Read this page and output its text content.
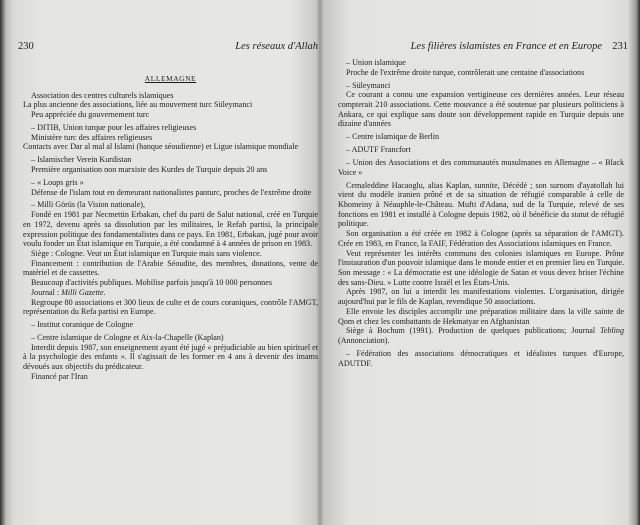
230	Les réseaux d'Allah
ALLEMAGNE

Association des centres culturels islamiques

La plus ancienne des associations, liée au mouvement turc Süleymanci

Peu appréciée du gouvernement turc

– DITIB, Union turque pour les affaires religieuses

Ministère turc des affaires religieuses

Contacts avec Dar al mal al Islami (banque séoudienne) et Ligue islamique mondiale

– Islamischer Verein Kurdistan

Première organisation non marxiste des Kurdes de Turquie depuis 20 ans

– « Loups gris »

Défense de l'islam tout en demeurant nationalistes panturc, proches de l'extrême droite

– Milli Görüs (la Vision nationale),

Fondé en 1981 par Necmettin Erbakan, chef du parti de Salut national, créé en Turquie en 1972, devenu après sa dissolution par les militaires, le Refah partisi, la principale expression politique des fondamentalistes dans ce pays. En 1981, Erbakan, jugé pour avoir voulu fonder un État islamique en Turquie, a été condamné à 4 années de prison en 1983.

Siège : Cologne. Veut un État islamique en Turquie mais sans violence.

Financement : contribution de l'Arabie Séoudite, des membres, donations, vente de matériel et de cassettes.

Beaucoup d'activités publiques. Mobilise parfois jusqu'à 10 000 personnes

Journal : Milli Gazette.

Regroupe 80 associations et 300 lieux de culte et de cours coraniques, contrôle l'AMGT, représentation du Refa partisi en Europe.

– Institut coranique de Cologne

– Centre islamique de Cologne et Aix-la-Chapelle (Kaplan)

Interdit depuis 1987, son enseignement ayant été jugé « préjudiciable au bien spirituel et à la psychologie des enfants ». Il s'agissait de les former en 4 ans à devenir des imams dévoués aux objectifs du prédicateur.

Financé par l'Iran

Les filières islamistes en France et en Europe 231

– Union islamique

Proche de l'extrême droite turque, contrôlerait une centaine d'associations

– Süleymanci

Ce courant a connu une expansion vertigineuse ces dernières années. Leur réseau compterait 210 associations. Cette mouvance a été soutenue par plusieurs politiciens à Ankara, ce qui explique sans doute son développement rapide en Turquie depuis une dizaine d'années

– Centre islamique de Berlin

– ADUTF Francfort

– Union des Associations et des communautés musulmanes en Allemagne – « Black Voice »

Cemaleddine Hacaoglu, alias Kaplan, sunnite, Décédé ; son surnom d'ayatollah lui vient du modèle iranien prôné et de sa situation de réfugié comparable à celle de Khomeiny à Néauphle-le-Château. Mufti d'Adana, sud de la Turquie, relevé de ses fonctions en 1981 et installé à Cologne depuis 1982, où il bénéficie du statut de réfugié politique.

Son organisation a été créée en 1982 à Cologne (après sa séparation de l'AMGT). Crée en 1983, en France, la FAIF, Fédération des Associations islamiques en France.

Veut représenter les intérêts communs des colonies islamiques en Europe. Prône l'instauration d'un pouvoir islamique dans le monde entier et en premier lieu en Turquie. Son message : « La démocratie est une idéologie de Satan et vous devez briser l'échine des sans-Dieu. » Lutte contre Israël et les États-Unis.

Après 1987, on lui a interdit les manifestations violentes. L'organisation, dirigée aujourd'hui par le fils de Kaplan, revendique 50 associations.

Elle envoie les disciples accomplir une préparation militaire dans la ville sainte de Qom et chez les combattants de Hekmatyar en Afghanistan

Siège à Bochum (1991). Production de quelques publications; Journal Tebling (Annonciation).

– Fédération des associations démocratiques et idéalistes turques d'Europe, ADUTDF.
